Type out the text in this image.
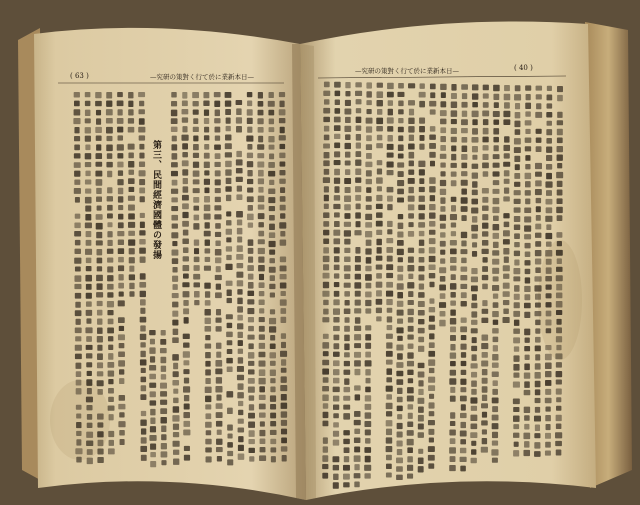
( 63 )	—究研の策對く行て於に業新本日—
—究研の策對く行て於に業新本日—	( 40 )
第三、民間經濟國體の發揚
